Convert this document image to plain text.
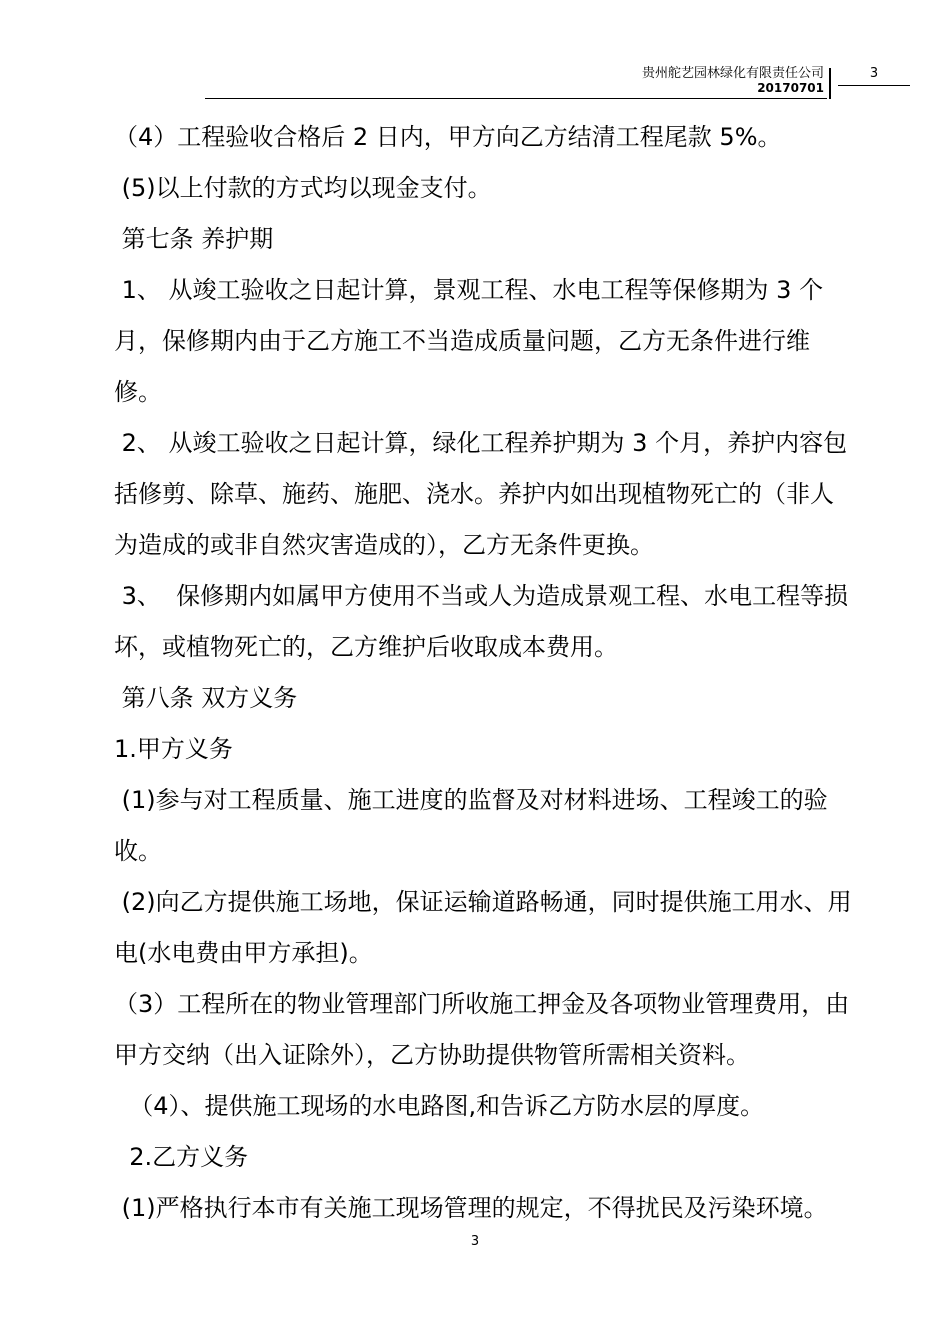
贵州舵艺园林绿化有限责任公司
20170701
3

（4）工程验收合格后 2 日内，甲方向乙方结清工程尾款 5%。

(5)以上付款的方式均以现金支付。

第七条 养护期

1、 从竣工验收之日起计算，景观工程、水电工程等保修期为 3 个月，保修期内由于乙方施工不当造成质量问题，乙方无条件进行维修。

2、 从竣工验收之日起计算，绿化工程养护期为 3 个月，养护内容包括修剪、除草、施药、施肥、浇水。养护内如出现植物死亡的（非人为造成的或非自然灾害造成的），乙方无条件更换。

3、  保修期内如属甲方使用不当或人为造成景观工程、水电工程等损坏，或植物死亡的，乙方维护后收取成本费用。

第八条 双方义务

1.甲方义务

(1)参与对工程质量、施工进度的监督及对材料进场、工程竣工的验收。

(2)向乙方提供施工场地，保证运输道路畅通，同时提供施工用水、用电(水电费由甲方承担)。

（3）工程所在的物业管理部门所收施工押金及各项物业管理费用，由甲方交纳（出入证除外），乙方协助提供物管所需相关资料。

（4）、提供施工现场的水电路图,和告诉乙方防水层的厚度。

2.乙方义务

(1)严格执行本市有关施工现场管理的规定，不得扰民及污染环境。

3
